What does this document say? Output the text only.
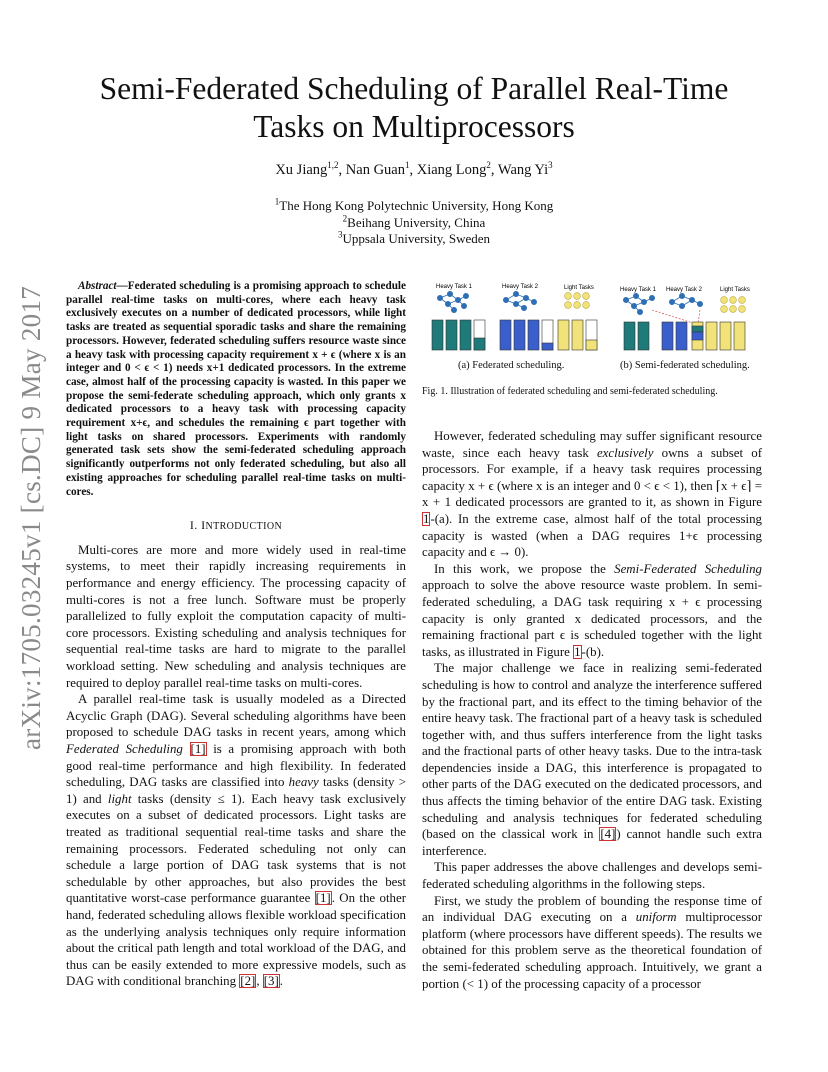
arXiv:1705.03245v1 [cs.DC] 9 May 2017
Semi-Federated Scheduling of Parallel Real-Time
Tasks on Multiprocessors
Xu Jiang$^{1,2}$, Nan Guan$^1$, Xiang Long$^2$, Wang Yi$^3$
$^1$The Hong Kong Polytechnic University, Hong Kong
$^2$Beihang University, China
$^3$Uppsala University, Sweden

Abstract—Federated scheduling is a promising approach to schedule parallel real-time tasks on multi-cores, where each heavy task exclusively executes on a number of dedicated processors, while light tasks are treated as sequential sporadic tasks and share the remaining processors. However, federated scheduling suffers resource waste since a heavy task with processing capacity requirement x + ϵ (where x is an integer and 0 < ϵ < 1) needs x+1 dedicated processors. In the extreme case, almost half of the processing capacity is wasted. In this paper we propose the semi-federate scheduling approach, which only grants x dedicated processors to a heavy task with processing capacity requirement x+ϵ, and schedules the remaining ϵ part together with light tasks on shared processors. Experiments with randomly generated task sets show the semi-federated scheduling approach significantly outperforms not only federated scheduling, but also all existing approaches for scheduling parallel real-time tasks on multi-cores.

I. INTRODUCTION

Multi-cores are more and more widely used in real-time systems, to meet their rapidly increasing requirements in performance and energy efficiency. The processing capacity of multi-cores is not a free lunch. Software must be properly parallelized to fully exploit the computation capacity of multi-core processors. Existing scheduling and analysis techniques for sequential real-time tasks are hard to migrate to the parallel workload setting. New scheduling and analysis techniques are required to deploy parallel real-time tasks on multi-cores.

A parallel real-time task is usually modeled as a Directed Acyclic Graph (DAG). Several scheduling algorithms have been proposed to schedule DAG tasks in recent years, among which Federated Scheduling [1] is a promising approach with both good real-time performance and high flexibility. In federated scheduling, DAG tasks are classified into heavy tasks (density > 1) and light tasks (density ≤ 1). Each heavy task exclusively executes on a subset of dedicated processors. Light tasks are treated as traditional sequential real-time tasks and share the remaining processors. Federated scheduling not only can schedule a large portion of DAG task systems that is not schedulable by other approaches, but also provides the best quantitative worst-case performance guarantee [1]. On the other hand, federated scheduling allows flexible workload specification as the underlying analysis techniques only require information about the critical path length and total workload of the DAG, and thus can be easily extended to more expressive models, such as DAG with conditional branching [2], [3].

Heavy Task 1	Heavy Task 2	Light Tasks	Heavy Task 1 Heavy Task 2	Light Tasks
(a) Federated scheduling.	(b) Semi-federated scheduling.
Fig. 1. Illustration of federated scheduling and semi-federated scheduling.

However, federated scheduling may suffer significant resource waste, since each heavy task exclusively owns a subset of processors. For example, if a heavy task requires processing capacity x + ϵ (where x is an integer and 0 < ϵ < 1), then ⌈x + ϵ⌉ = x + 1 dedicated processors are granted to it, as shown in Figure 1-(a). In the extreme case, almost half of the total processing capacity is wasted (when a DAG requires 1+ϵ processing capacity and ϵ → 0).

In this work, we propose the Semi-Federated Scheduling approach to solve the above resource waste problem. In semi-federated scheduling, a DAG task requiring x + ϵ processing capacity is only granted x dedicated processors, and the remaining fractional part ϵ is scheduled together with the light tasks, as illustrated in Figure 1-(b).

The major challenge we face in realizing semi-federated scheduling is how to control and analyze the interference suffered by the fractional part, and its effect to the timing behavior of the entire heavy task. The fractional part of a heavy task is scheduled together with, and thus suffers interference from the light tasks and the fractional parts of other heavy tasks. Due to the intra-task dependencies inside a DAG, this interference is propagated to other parts of the DAG executed on the dedicated processors, and thus affects the timing behavior of the entire DAG task. Existing scheduling and analysis techniques for federated scheduling (based on the classical work in [4]) cannot handle such extra interference.

This paper addresses the above challenges and develops semi-federated scheduling algorithms in the following steps.

First, we study the problem of bounding the response time of an individual DAG executing on a uniform multiprocessor platform (where processors have different speeds). The results we obtained for this problem serve as the theoretical foundation of the semi-federated scheduling approach. Intuitively, we grant a portion (< 1) of the processing capacity of a processor
